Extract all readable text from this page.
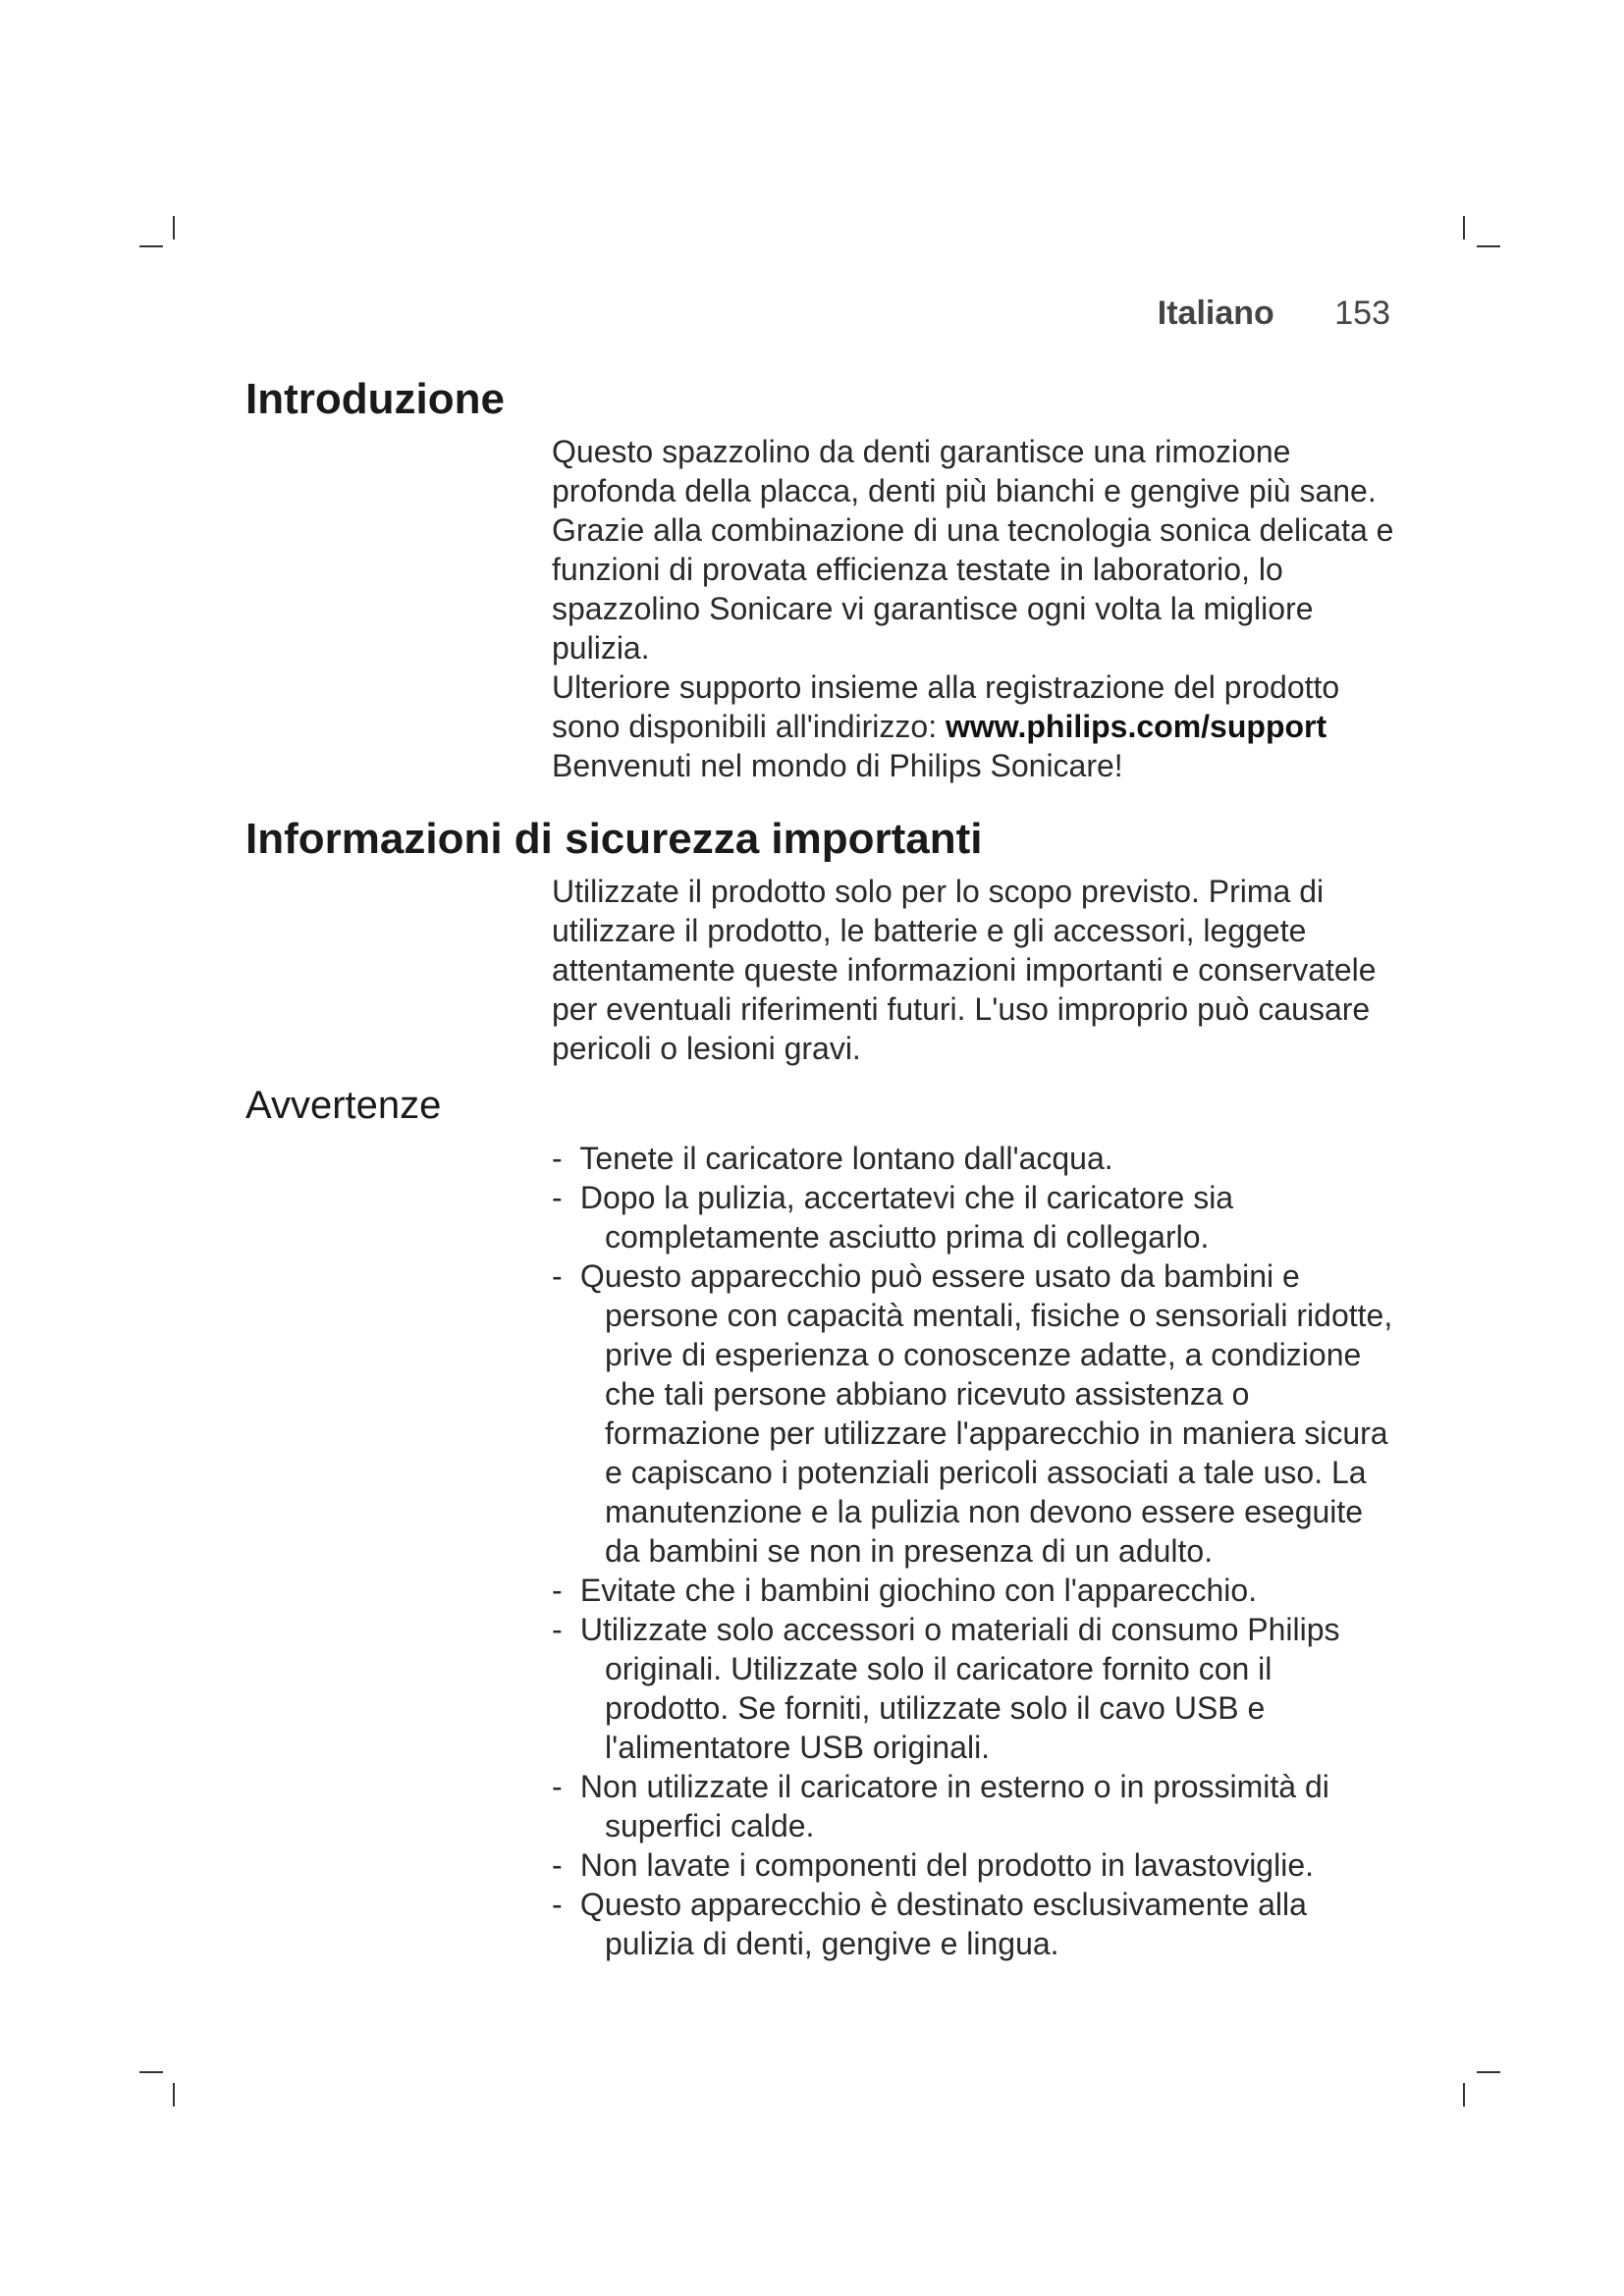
Italiano 153
Introduzione

Questo spazzolino da denti garantisce una rimozione profonda della placca, denti più bianchi e gengive più sane. Grazie alla combinazione di una tecnologia sonica delicata e funzioni di provata efficienza testate in laboratorio, lo spazzolino Sonicare vi garantisce ogni volta la migliore pulizia.

Ulteriore supporto insieme alla registrazione del prodotto sono disponibili all'indirizzo: www.philips.com/support

Benvenuti nel mondo di Philips Sonicare!

Informazioni di sicurezza importanti

Utilizzate il prodotto solo per lo scopo previsto. Prima di utilizzare il prodotto, le batterie e gli accessori, leggete attentamente queste informazioni importanti e conservatele per eventuali riferimenti futuri. L'uso improprio può causare pericoli o lesioni gravi.

Avvertenze
- Tenete il caricatore lontano dall'acqua.
- Dopo la pulizia, accertatevi che il caricatore sia completamente asciutto prima di collegarlo.
- Questo apparecchio può essere usato da bambini e persone con capacità mentali, fisiche o sensoriali ridotte, prive di esperienza o conoscenze adatte, a condizione che tali persone abbiano ricevuto assistenza o formazione per utilizzare l'apparecchio in maniera sicura e capiscano i potenziali pericoli associati a tale uso. La manutenzione e la pulizia non devono essere eseguite da bambini se non in presenza di un adulto.
- Evitate che i bambini giochino con l'apparecchio.
- Utilizzate solo accessori o materiali di consumo Philips originali. Utilizzate solo il caricatore fornito con il prodotto. Se forniti, utilizzate solo il cavo USB e l'alimentatore USB originali.
- Non utilizzate il caricatore in esterno o in prossimità di superfici calde.
- Non lavate i componenti del prodotto in lavastoviglie.
- Questo apparecchio è destinato esclusivamente alla pulizia di denti, gengive e lingua.
